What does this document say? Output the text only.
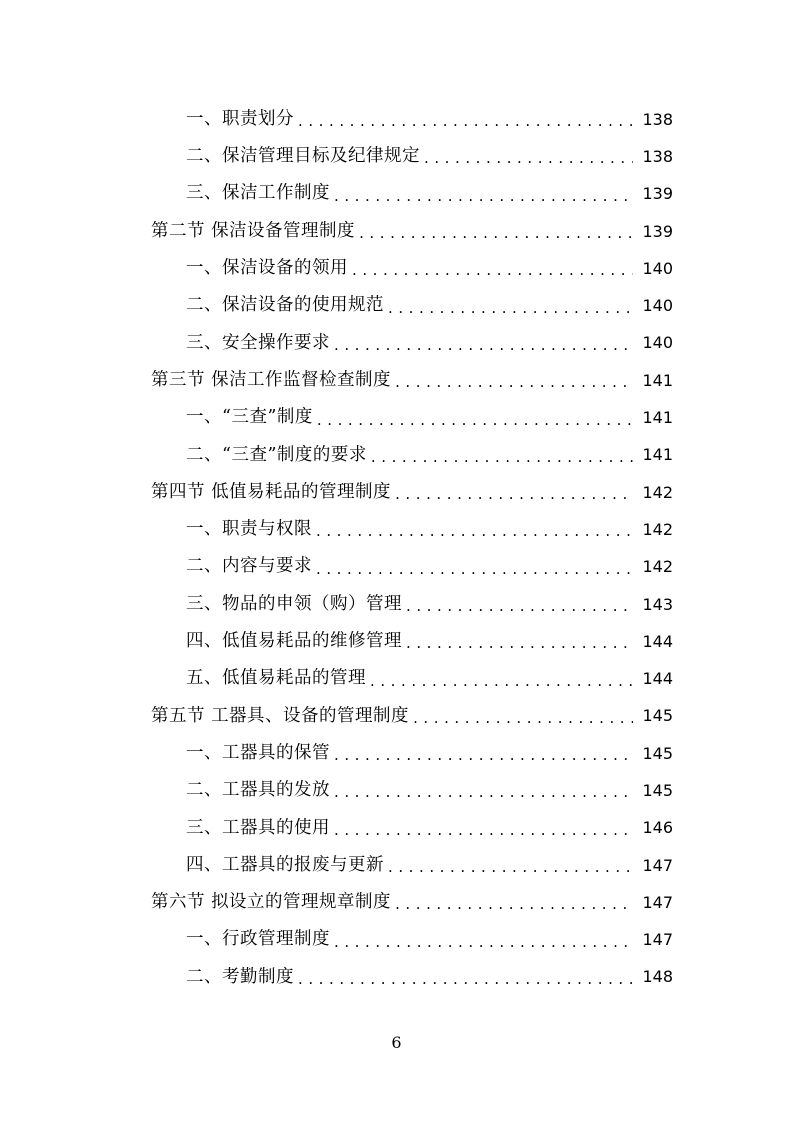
一、职责划分 . . .	138
二、保洁管理目标及纪律规定 . . .	138
三、保洁工作制度 . . .	139
第二节 保洁设备管理制度 . . .	139
一、保洁设备的领用 . . .	140
二、保洁设备的使用规范 . . .	140
三、安全操作要求 . . .	140
第三节 保洁工作监督检查制度 . . .	141
一、“三查”制度 . . .	141
二、“三查”制度的要求 . . .	141
第四节 低值易耗品的管理制度 . . .	142
一、职责与权限 . . .	142
二、内容与要求 . . .	142
三、物品的申领（购）管理 . . .	143
四、低值易耗品的维修管理 . . .	144
五、低值易耗品的管理 . . .	144
第五节 工器具、设备的管理制度 . . .	145
一、工器具的保管 . . .	145
二、工器具的发放 . . .	145
三、工器具的使用 . . .	146
四、工器具的报废与更新 . . .	147
第六节 拟设立的管理规章制度 . . .	147
一、行政管理制度 . . .	147
二、考勤制度 . . .	148
6
